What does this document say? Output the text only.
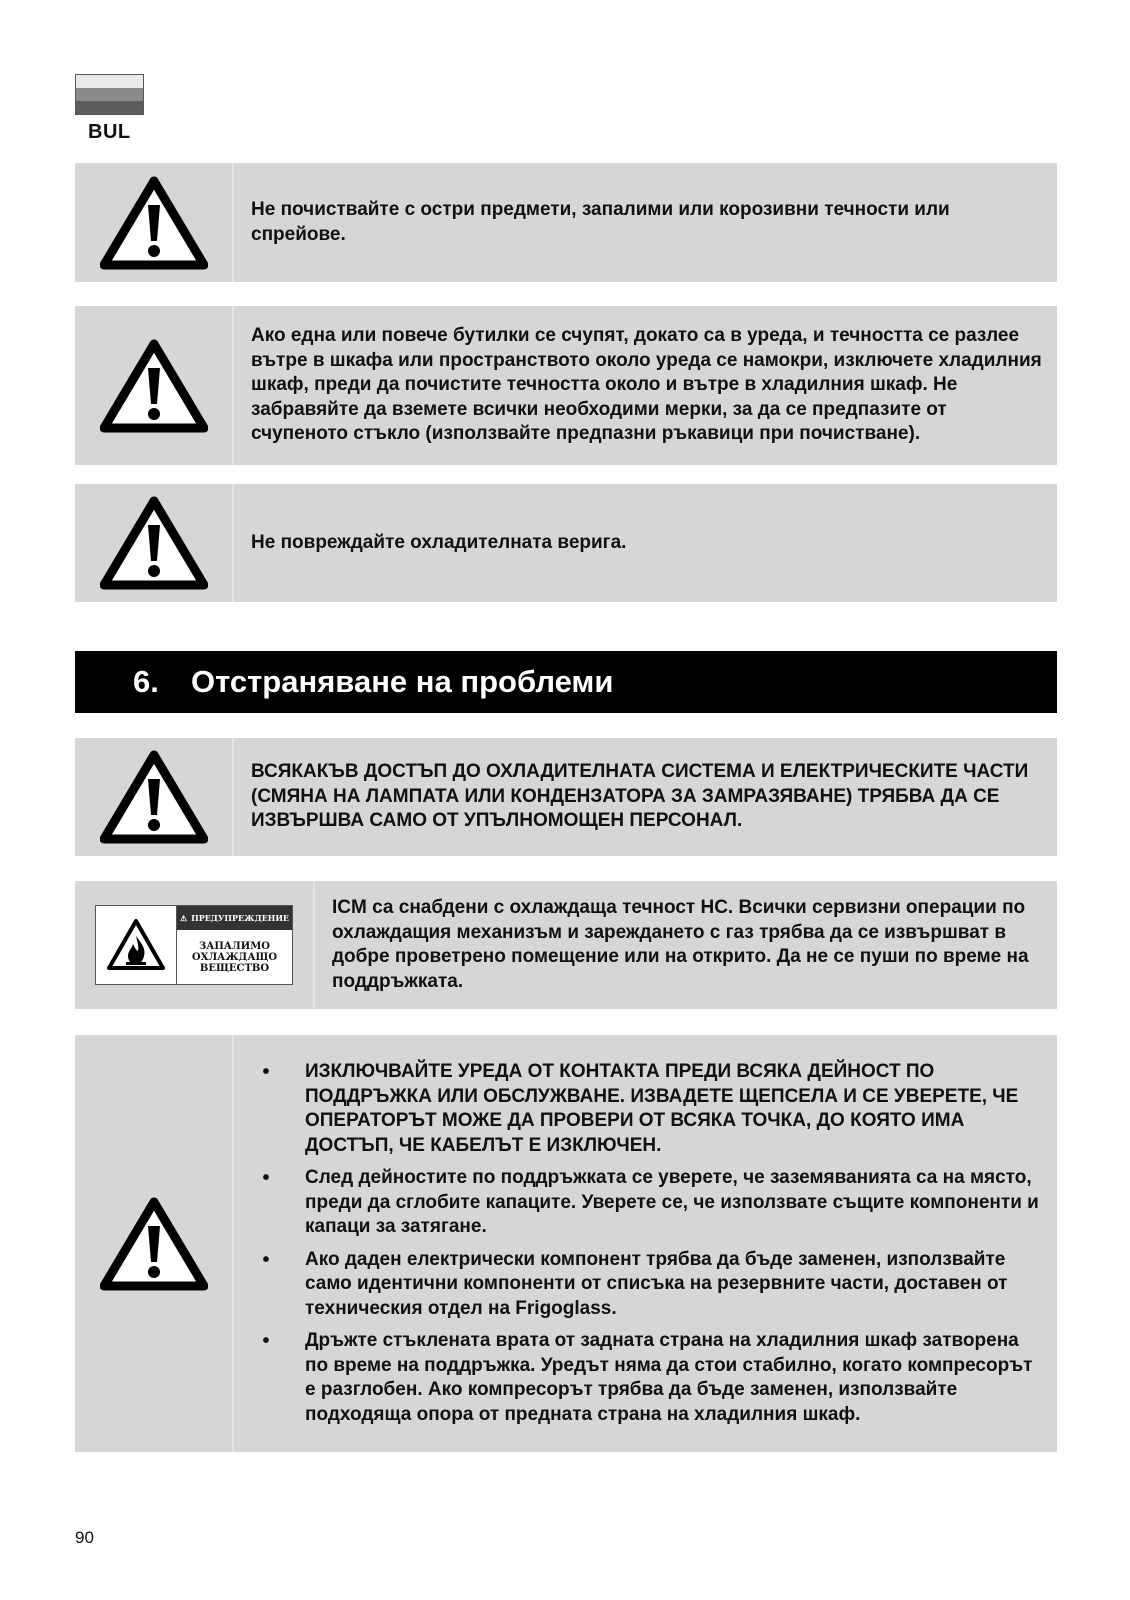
BUL

Не почиствайте с остри предмети, запалими или корозивни течности или спрейове.

Ако една или повече бутилки се счупят, докато са в уреда, и течността се разлее вътре в шкафа или пространството около уреда се намокри, изключете хладилния шкаф, преди да почистите течността около и вътре в хладилния шкаф. Не забравяйте да вземете всички необходими мерки, за да се предпазите от счупеното стъкло (използвайте предпазни ръкавици при почистване).

Не повреждайте охладителната верига.

6.	Отстраняване на проблеми

ВСЯКАКЪВ ДОСТЪП ДО ОХЛАДИТЕЛНАТА СИСТЕМА И ЕЛЕКТРИЧЕСКИТЕ ЧАСТИ (СМЯНА НА ЛАМПАТА ИЛИ КОНДЕНЗАТОРА ЗА ЗАМРАЗЯВАНЕ) ТРЯБВА ДА СЕ ИЗВЪРШВА САМО ОТ УПЪЛНОМОЩЕН ПЕРСОНАЛ.

⚠ ПРЕДУПРЕЖДЕНИЕ
ЗАПАЛИМО
ОХЛАЖДАЩО
ВЕЩЕСТВО

ICM са снабдени с охлаждаща течност HC. Всички сервизни операции по охлаждащия механизъм и зареждането с газ трябва да се извършват в добре проветрено помещение или на открито. Да не се пуши по време на поддръжката.

• ИЗКЛЮЧВАЙТЕ УРЕДА ОТ КОНТАКТА ПРЕДИ ВСЯКА ДЕЙНОСТ ПО ПОДДРЪЖКА ИЛИ ОБСЛУЖВАНЕ. ИЗВАДЕТЕ ЩЕПСЕЛА И СЕ УВЕРЕТЕ, ЧЕ ОПЕРАТОРЪТ МОЖЕ ДА ПРОВЕРИ ОТ ВСЯКА ТОЧКА, ДО КОЯТО ИМА ДОСТЪП, ЧЕ КАБЕЛЪТ Е ИЗКЛЮЧЕН.
• След дейностите по поддръжката се уверете, че заземяванията са на място, преди да сглобите капаците. Уверете се, че използвате същите компоненти и капаци за затягане.
• Ако даден електрически компонент трябва да бъде заменен, използвайте само идентични компоненти от списъка на резервните части, доставен от техническия отдел на Frigoglass.
• Дръжте стъклената врата от задната страна на хладилния шкаф затворена по време на поддръжка. Уредът няма да стои стабилно, когато компресорът е разглобен. Ако компресорът трябва да бъде заменен, използвайте подходяща опора от предната страна на хладилния шкаф.
90
